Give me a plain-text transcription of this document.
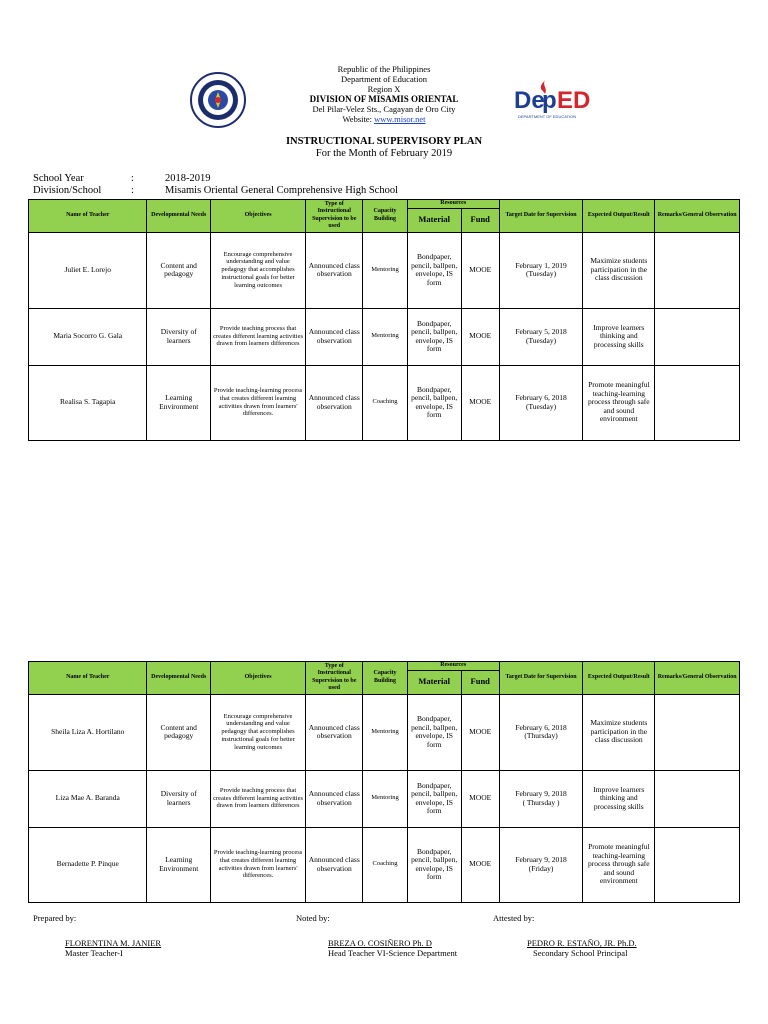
De
p ED
DEPARTMENT OF EDUCATION
Republic of the Philippines
Department of Education
Region X
DIVISION OF MISAMIS ORIENTAL
Del Pilar-Velez Sts., Cagayan de Oro City
Website: www.misor.net
INSTRUCTIONAL SUPERVISORY PLAN
For the Month of February 2019
School Year	:	2018-2019
Division/School	:	Misamis Oriental General Comprehensive High School
Name of Teacher	Developmental Needs	Objectives	Type of Instructional Supervision to be used	Capacity Building	Resources		Target Date for Supervision	Expected Output/Result	Remarks/General Observation
					Material	Fund			
Juliet E. Lorejo	Content and pedagogy	Encourage comprehensive understanding and value pedagogy that accomplishes instructional goals for better learning outcomes	Announced class observation	Mentoring	Bondpaper, pencil, ballpen, envelope, IS form	MOOE	February 1, 2019
(Tuesday)	Maximize students participation in the class discussion	
Maria Socorro G. Gala	Diversity of learners	Provide teaching process that creates different learning activities drawn from learners differences	Announced class observation	Mentoring	Bondpaper, pencil, ballpen, envelope, IS form	MOOE	February 5, 2018
(Tuesday)	Improve learners thinking and processing skills	
Realisa S. Tagapia	Learning Environment	Provide teaching-learning process that creates different learning activities drawn from learners' differences.	Announced class observation	Coaching	Bondpaper, pencil, ballpen, envelope, IS form	MOOE	February 6, 2018
(Tuesday)	Promote meaningful teaching-learning process through safe and sound environment	
Name of Teacher	Developmental Needs	Objectives	Type of Instructional Supervision to be used	Capacity Building	Resources		Target Date for Supervision	Expected Output/Result	Remarks/General Observation
					Material	Fund			
Sheila Liza A. Hortilano	Content and pedagogy	Encourage comprehensive understanding and value pedagogy that accomplishes instructional goals for better learning outcomes	Announced class observation	Mentoring	Bondpaper, pencil, ballpen, envelope, IS form	MOOE	February 6, 2018
(Thursday)	Maximize students participation in the class discussion	
Liza Mae A. Baranda	Diversity of learners	Provide teaching process that creates different learning activities drawn from learners differences	Announced class observation	Mentoring	Bondpaper, pencil, ballpen, envelope, IS form	MOOE	February 9, 2018
( Thursday )	Improve learners thinking and processing skills	
Bernadette P. Pinque	Learning Environment	Provide teaching-learning process that creates different learning activities drawn from learners' differences.	Announced class observation	Coaching	Bondpaper, pencil, ballpen, envelope, IS form	MOOE	February 9, 2018
(Friday)	Promote meaningful teaching-learning process through safe and sound environment	
Prepared by:
FLORENTINA M. JANIER
Master Teacher-I
Noted by:
BREZA O. COSIÑERO Ph. D
Head Teacher VI-Science Department
Attested by:
PEDRO R. ESTAÑO, JR. Ph.D.
Secondary School Principal
